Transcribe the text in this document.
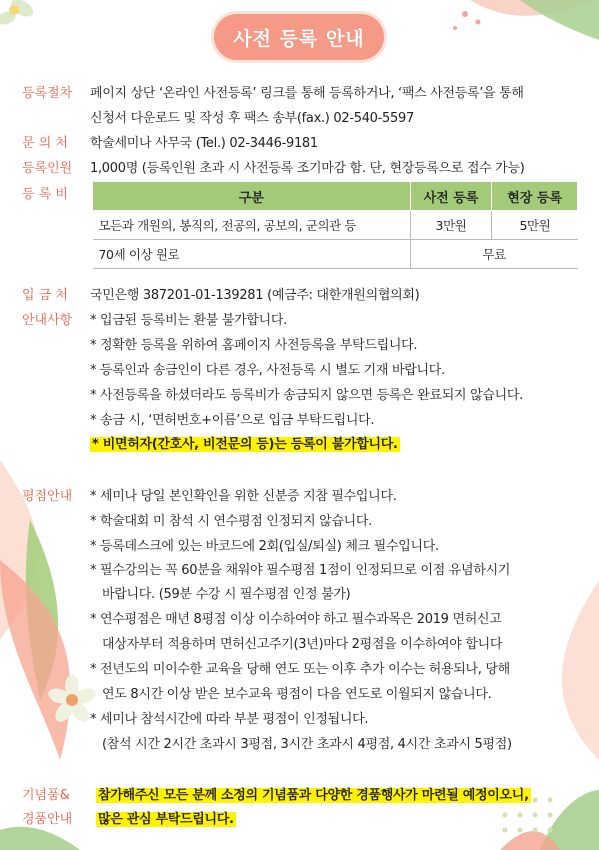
사전 등록 안내
등록절차	페이지 상단 ‘온라인 사전등록’ 링크를 통해 등록하거나, ‘팩스 사전등록’을 통해
신청서 다운로드 및 작성 후 팩스 송부(fax.) 02-540-5597
문 의 처	학술세미나 사무국 (Tel.) 02-3446-9181
등록인원	1,000명 (등록인원 초과 시 사전등록 조기마감 함. 단, 현장등록으로 접수 가능)
등 록 비	구분	사전 등록	현장 등록
모든과 개원의, 봉직의, 전공의, 공보의, 군의관 등	3만원	5만원
70세 이상 원로	무료	
입 금 처	국민은행 387201-01-139281 (예금주: 대한개원의협의회)
안내사항	* 입금된 등록비는 환불 불가합니다.
* 정확한 등록을 위하여 홈페이지 사전등록을 부탁드립니다.
* 등록인과 송금인이 다른 경우, 사전등록 시 별도 기재 바랍니다.
* 사전등록을 하셨더라도 등록비가 송금되지 않으면 등록은 완료되지 않습니다.
* 송금 시, ‘면허번호+이름’으로 입금 부탁드립니다.
* 비면허자(간호사, 비전문의 등)는 등록이 불가합니다.
평점안내	* 세미나 당일 본인확인을 위한 신분증 지참 필수입니다.
* 학술대회 미 참석 시 연수평점 인정되지 않습니다.
* 등록데스크에 있는 바코드에 2회(입실/퇴실) 체크 필수입니다.
* 필수강의는 꼭 60분을 채워야 필수평점 1점이 인정되므로 이점 유념하시기
바랍니다. (59분 수강 시 필수평점 인정 불가)
* 연수평점은 매년 8평점 이상 이수하여야 하고 필수과목은 2019 면허신고
대상자부터 적용하며 면허신고주기(3년)마다 2평점을 이수하여야 합니다
* 전년도의 미이수한 교육을 당해 연도 또는 이후 추가 이수는 허용되나, 당해
연도 8시간 이상 받은 보수교육 평점이 다음 연도로 이월되지 않습니다.
* 세미나 참석시간에 따라 부분 평점이 인정됩니다.
(참석 시간 2시간 초과시 3평점, 3시간 초과시 4평점, 4시간 초과시 5평점)
기념품&
경품안내
참가해주신 모든 분께 소정의 기념품과 다양한 경품행사가 마련될 예정이오니,
많은 관심 부탁드립니다.
